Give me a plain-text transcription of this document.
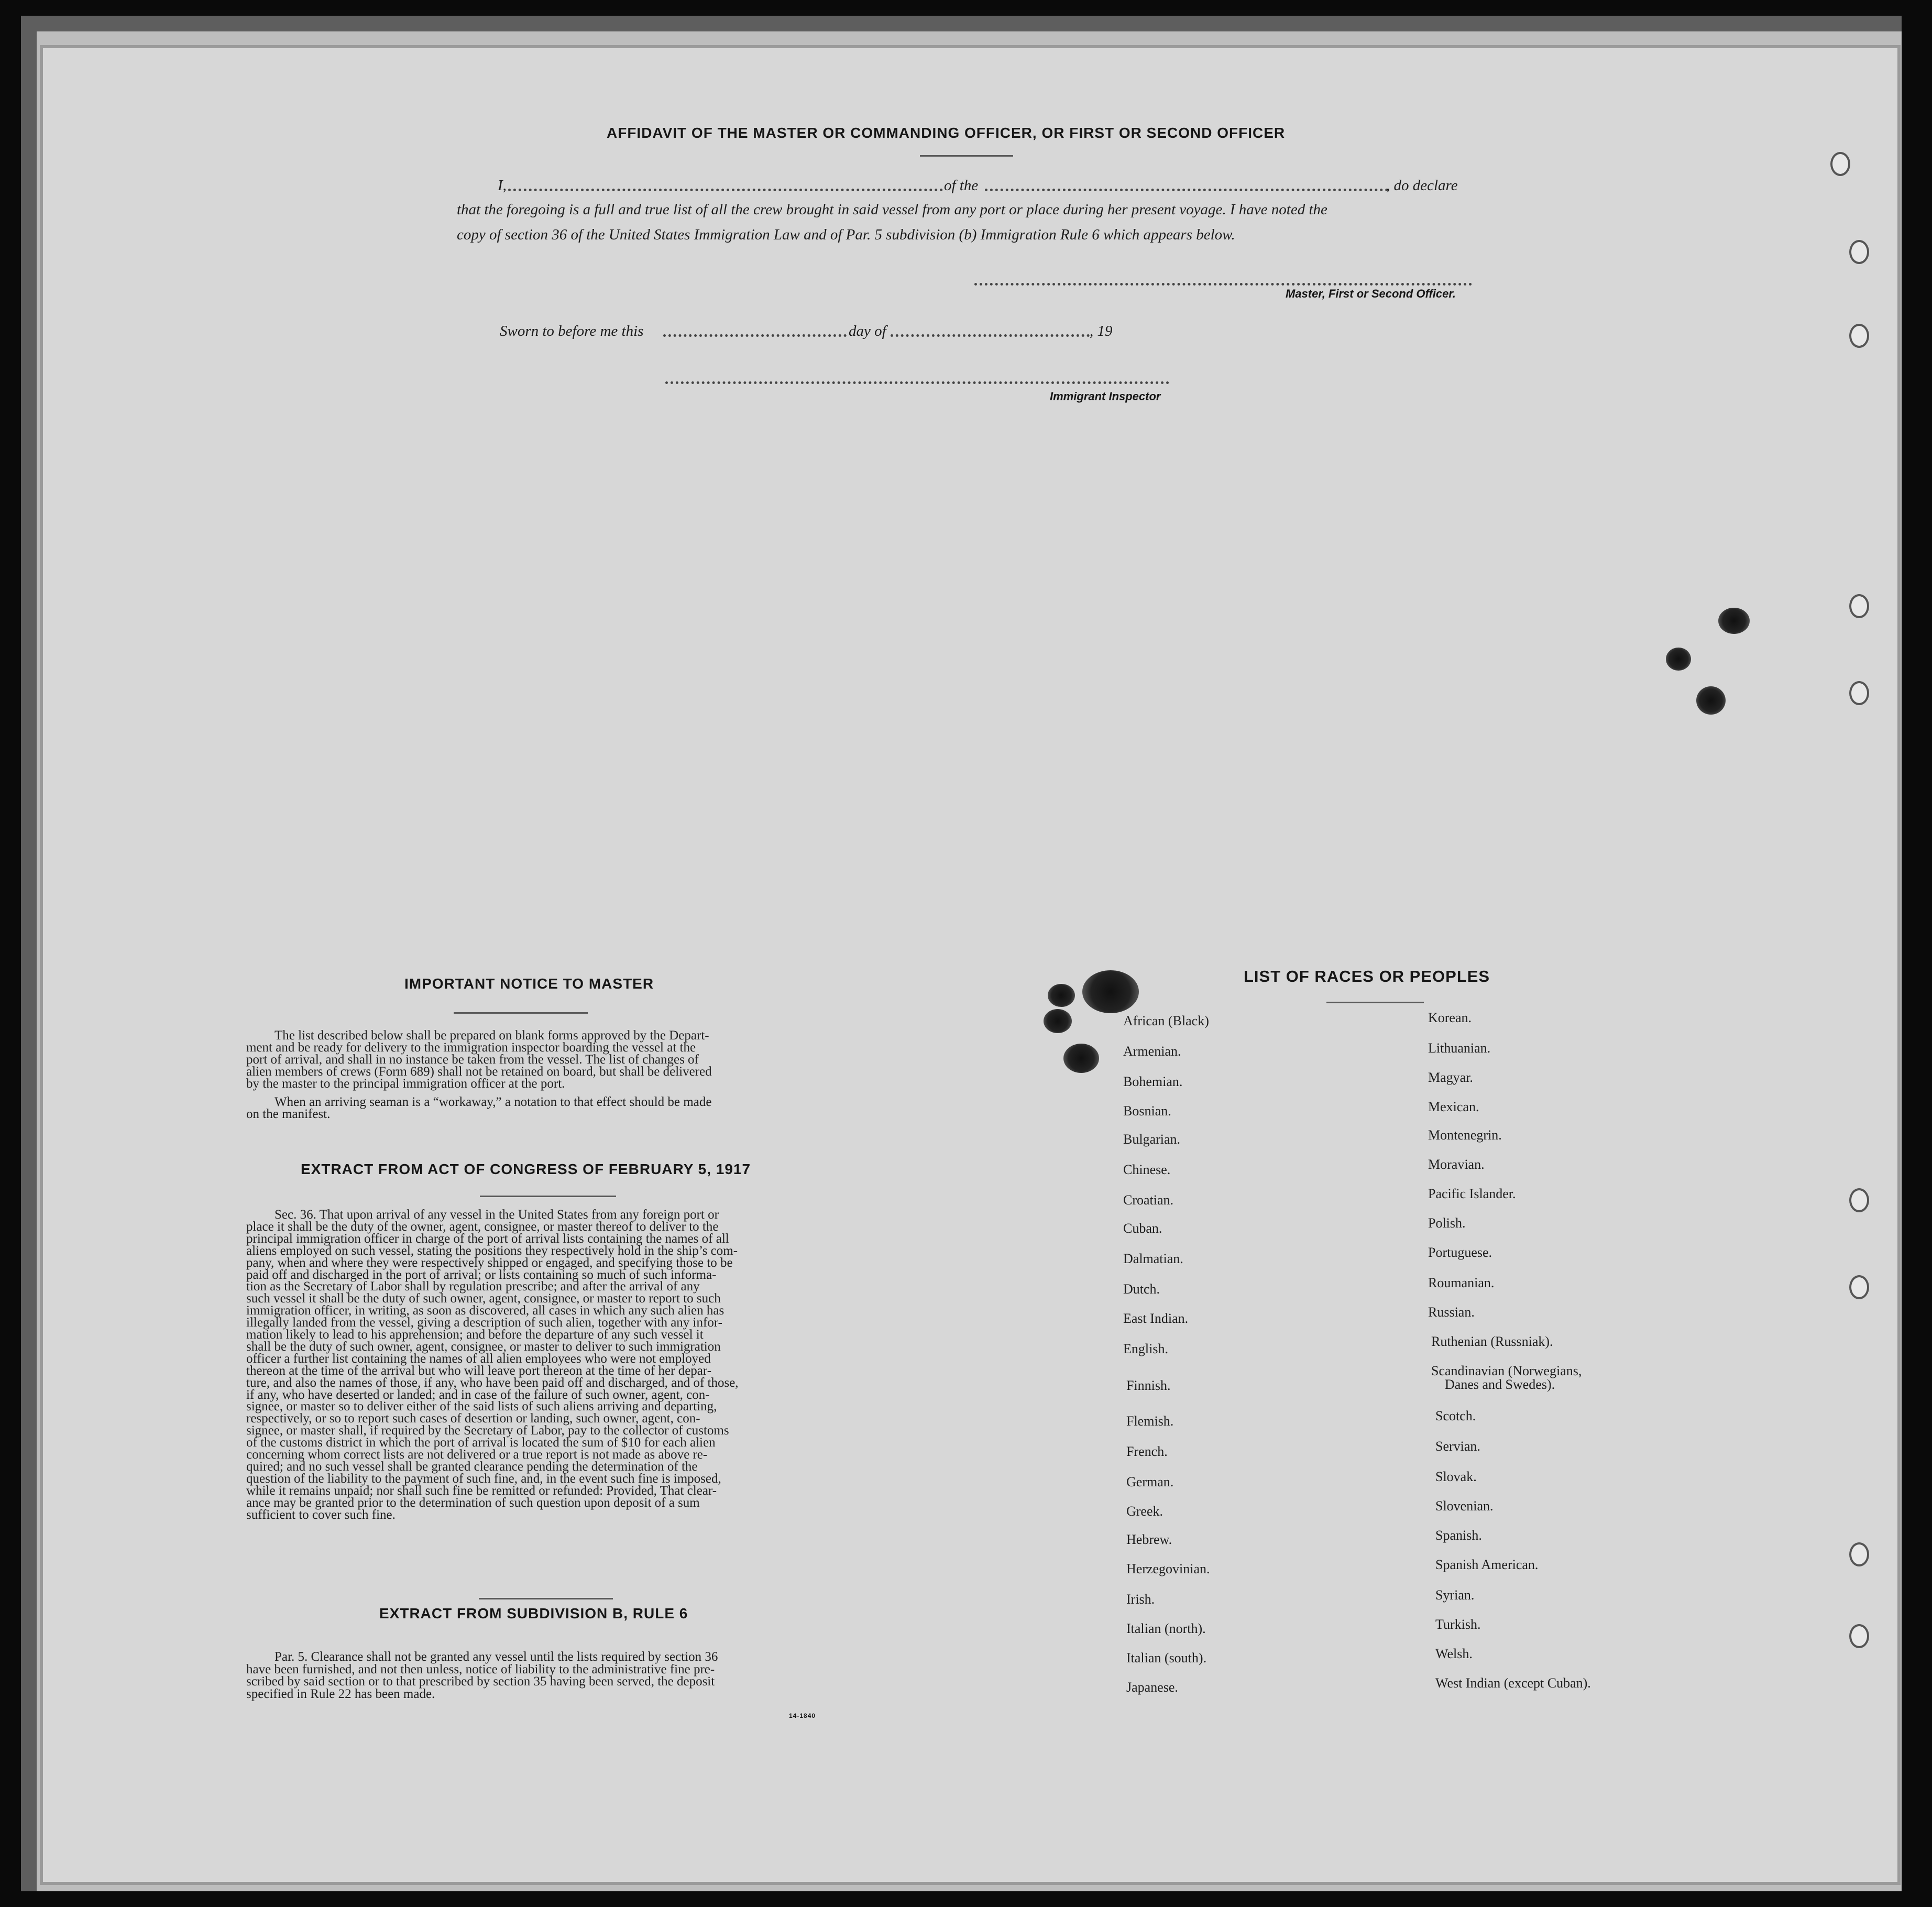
AFFIDAVIT OF THE MASTER OR COMMANDING OFFICER, OR FIRST OR SECOND OFFICER
I,	of the	, do declare
that the foregoing is a full and true list of all the crew brought in said vessel from any port or place during her present voyage. I have noted the
copy of section 36 of the United States Immigration Law and of Par. 5 subdivision (b) Immigration Rule 6 which appears below.
Master, First or Second Officer.
Sworn to before me this	day of	, 19
Immigrant Inspector
IMPORTANT NOTICE TO MASTER
The list described below shall be prepared on blank forms approved by the Depart-
ment and be ready for delivery to the immigration inspector boarding the vessel at the
port of arrival, and shall in no instance be taken from the vessel. The list of changes of
alien members of crews (Form 689) shall not be retained on board, but shall be delivered
by the master to the principal immigration officer at the port.
When an arriving seaman is a “workaway,” a notation to that effect should be made
on the manifest.
EXTRACT FROM ACT OF CONGRESS OF FEBRUARY 5, 1917
Sec. 36. That upon arrival of any vessel in the United States from any foreign port or
place it shall be the duty of the owner, agent, consignee, or master thereof to deliver to the
principal immigration officer in charge of the port of arrival lists containing the names of all
aliens employed on such vessel, stating the positions they respectively hold in the ship’s com-
pany, when and where they were respectively shipped or engaged, and specifying those to be
paid off and discharged in the port of arrival; or lists containing so much of such informa-
tion as the Secretary of Labor shall by regulation prescribe; and after the arrival of any
such vessel it shall be the duty of such owner, agent, consignee, or master to report to such
immigration officer, in writing, as soon as discovered, all cases in which any such alien has
illegally landed from the vessel, giving a description of such alien, together with any infor-
mation likely to lead to his apprehension; and before the departure of any such vessel it
shall be the duty of such owner, agent, consignee, or master to deliver to such immigration
officer a further list containing the names of all alien employees who were not employed
thereon at the time of the arrival but who will leave port thereon at the time of her depar-
ture, and also the names of those, if any, who have been paid off and discharged, and of those,
if any, who have deserted or landed; and in case of the failure of such owner, agent, con-
signee, or master so to deliver either of the said lists of such aliens arriving and departing,
respectively, or so to report such cases of desertion or landing, such owner, agent, con-
signee, or master shall, if required by the Secretary of Labor, pay to the collector of customs
of the customs district in which the port of arrival is located the sum of $10 for each alien
concerning whom correct lists are not delivered or a true report is not made as above re-
quired; and no such vessel shall be granted clearance pending the determination of the
question of the liability to the payment of such fine, and, in the event such fine is imposed,
while it remains unpaid; nor shall such fine be remitted or refunded: Provided, That clear-
ance may be granted prior to the determination of such question upon deposit of a sum
sufficient to cover such fine.
EXTRACT FROM SUBDIVISION B, RULE 6
Par. 5. Clearance shall not be granted any vessel until the lists required by section 36
have been furnished, and not then unless, notice of liability to the administrative fine pre-
scribed by said section or to that prescribed by section 35 having been served, the deposit
specified in Rule 22 has been made.
14-1840
LIST OF RACES OR PEOPLES
African (Black)
Armenian.
Bohemian.
Bosnian.
Bulgarian.
Chinese.
Croatian.
Cuban.
Dalmatian.
Dutch.
East Indian.
English.
Finnish.
Flemish.
French.
German.
Greek.
Hebrew.
Herzegovinian.
Irish.
Italian (north).
Italian (south).
Japanese.
Korean.
Lithuanian.
Magyar.
Mexican.
Montenegrin.
Moravian.
Pacific Islander.
Polish.
Portuguese.
Roumanian.
Russian.
Ruthenian (Russniak).
Scandinavian (Norwegians,
Danes and Swedes).
Scotch.
Servian.
Slovak.
Slovenian.
Spanish.
Spanish American.
Syrian.
Turkish.
Welsh.
West Indian (except Cuban).
